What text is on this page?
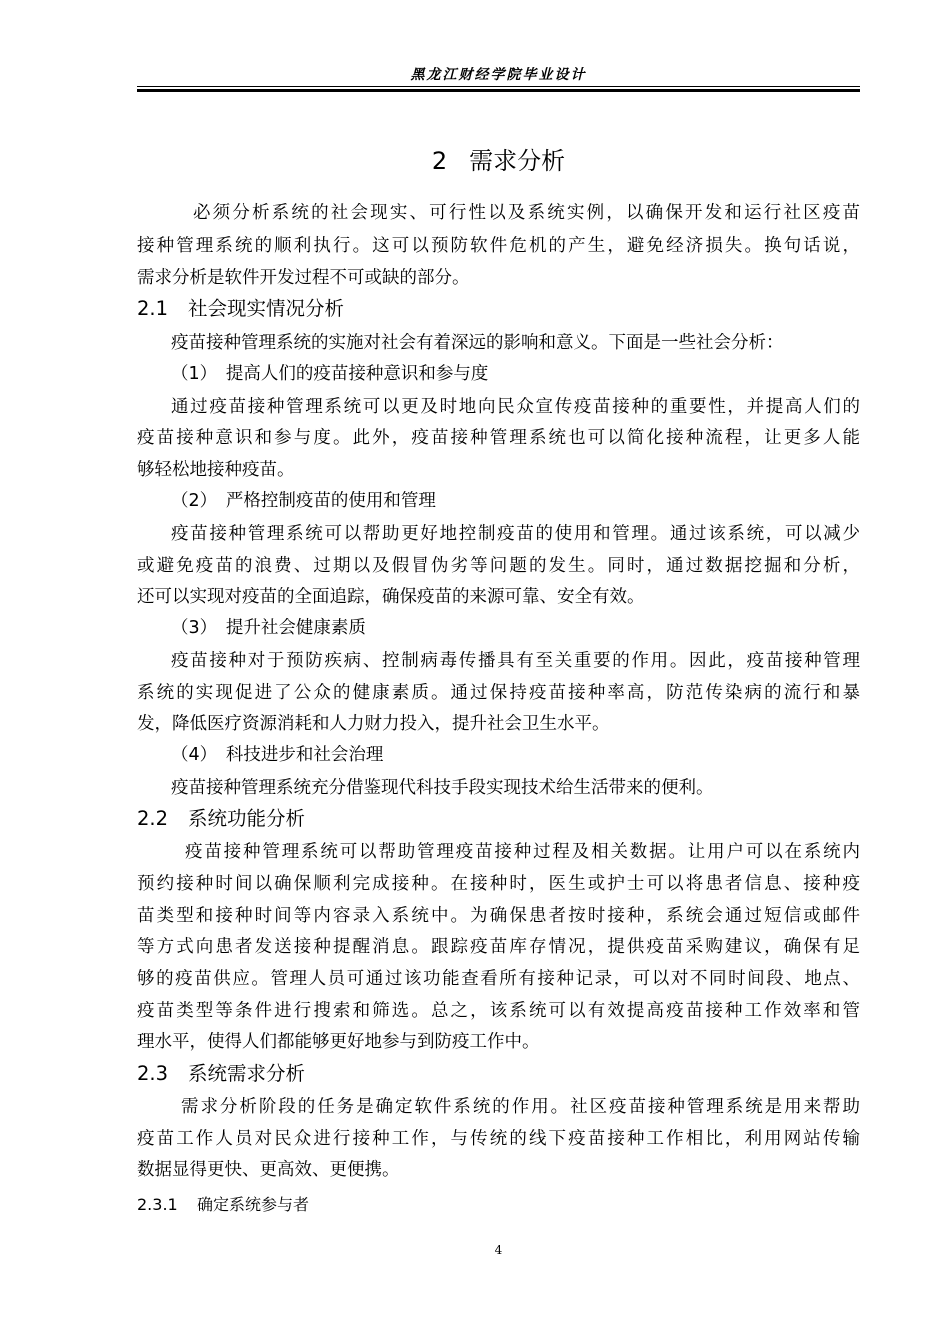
黑龙江财经学院毕业设计
2 需求分析
必须分析系统的社会现实、可行性以及系统实例，以确保开发和运行社区疫苗
接种管理系统的顺利执行。这可以预防软件危机的产生，避免经济损失。换句话说，
需求分析是软件开发过程不可或缺的部分。
2.1 社会现实情况分析
疫苗接种管理系统的实施对社会有着深远的影响和意义。下面是一些社会分析：
（1）　提高人们的疫苗接种意识和参与度
通过疫苗接种管理系统可以更及时地向民众宣传疫苗接种的重要性，并提高人们的
疫苗接种意识和参与度。此外，疫苗接种管理系统也可以简化接种流程，让更多人能
够轻松地接种疫苗。
（2）　严格控制疫苗的使用和管理
疫苗接种管理系统可以帮助更好地控制疫苗的使用和管理。通过该系统，可以减少
或避免疫苗的浪费、过期以及假冒伪劣等问题的发生。同时，通过数据挖掘和分析，
还可以实现对疫苗的全面追踪，确保疫苗的来源可靠、安全有效。
（3）　提升社会健康素质
疫苗接种对于预防疾病、控制病毒传播具有至关重要的作用。因此，疫苗接种管理
系统的实现促进了公众的健康素质。通过保持疫苗接种率高，防范传染病的流行和暴
发，降低医疗资源消耗和人力财力投入，提升社会卫生水平。
（4）　科技进步和社会治理
疫苗接种管理系统充分借鉴现代科技手段实现技术给生活带来的便利。
2.2 系统功能分析
疫苗接种管理系统可以帮助管理疫苗接种过程及相关数据。让用户可以在系统内
预约接种时间以确保顺利完成接种。在接种时，医生或护士可以将患者信息、接种疫
苗类型和接种时间等内容录入系统中。为确保患者按时接种，系统会通过短信或邮件
等方式向患者发送接种提醒消息。跟踪疫苗库存情况，提供疫苗采购建议，确保有足
够的疫苗供应。管理人员可通过该功能查看所有接种记录，可以对不同时间段、地点、
疫苗类型等条件进行搜索和筛选。总之，该系统可以有效提高疫苗接种工作效率和管
理水平，使得人们都能够更好地参与到防疫工作中。
2.3 系统需求分析
需求分析阶段的任务是确定软件系统的作用。社区疫苗接种管理系统是用来帮助
疫苗工作人员对民众进行接种工作，与传统的线下疫苗接种工作相比，利用网站传输
数据显得更快、更高效、更便携。
2.3.1 确定系统参与者
4
